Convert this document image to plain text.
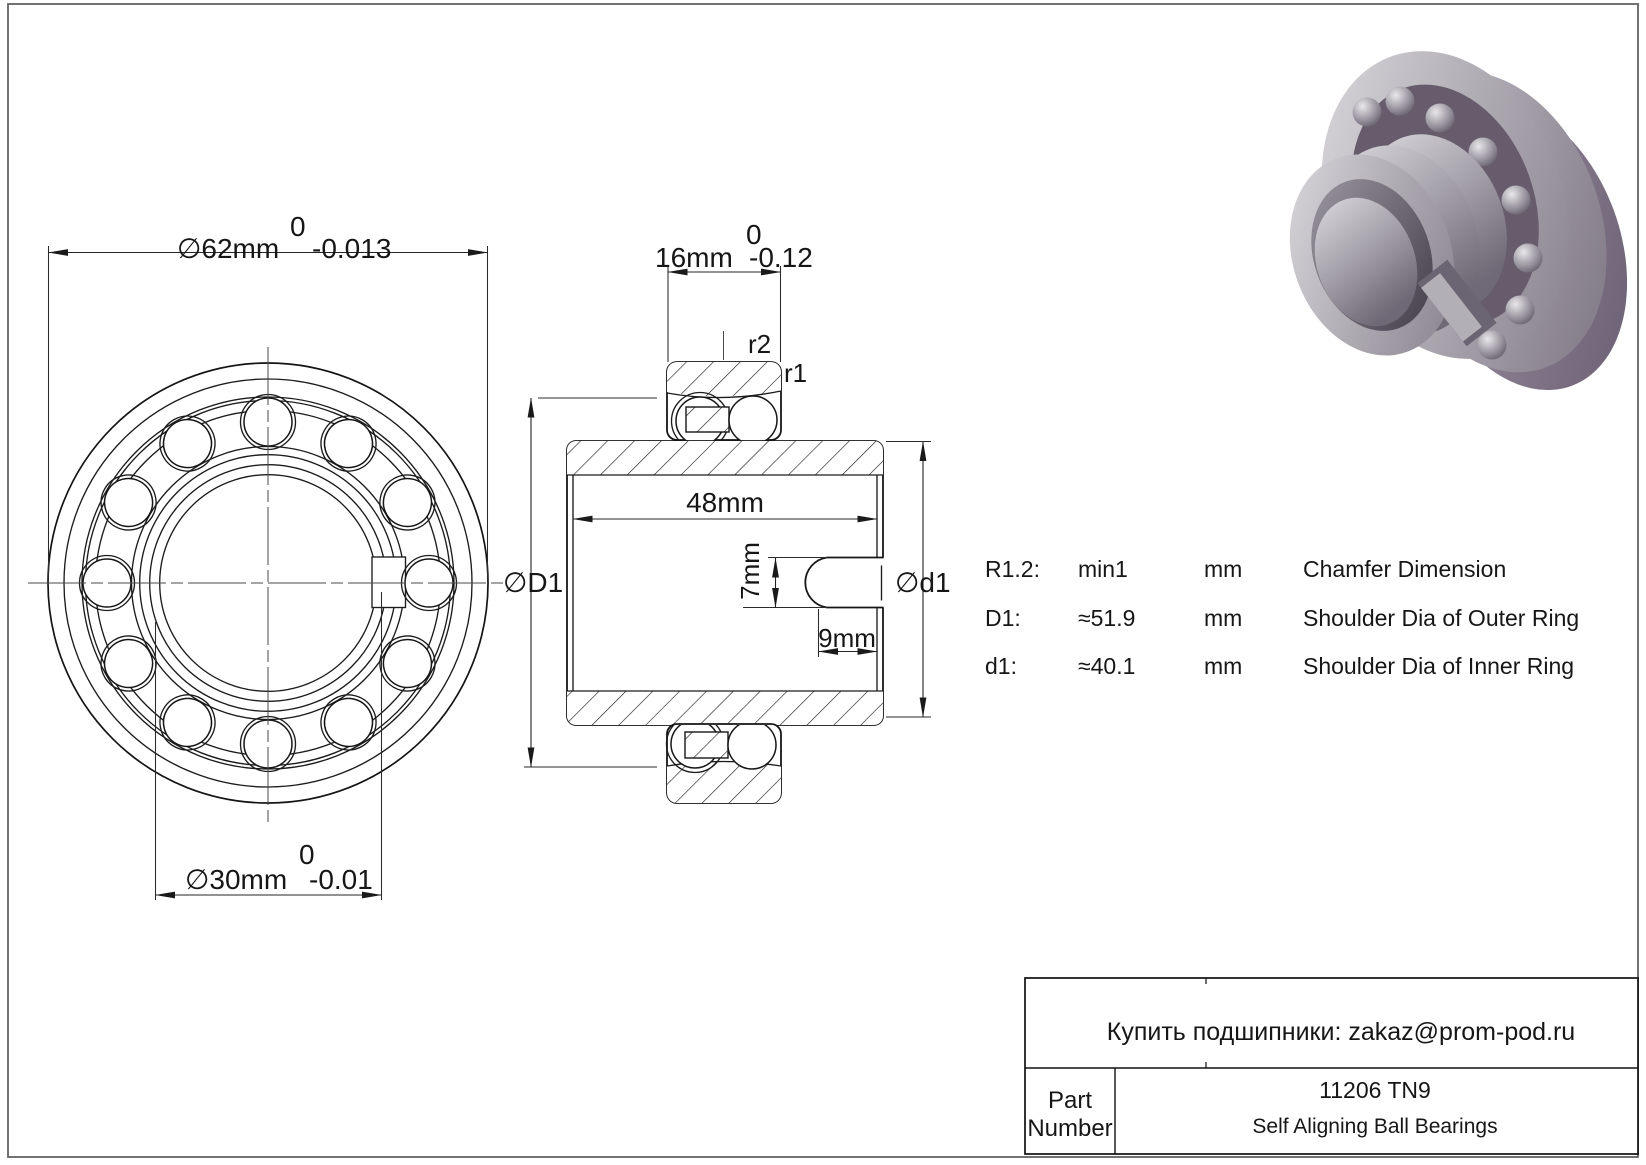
∅62mm
0
-0.013
∅30mm
0
-0.01
16mm
0
-0.12
48mm
7mm
9mm
∅D1	∅d1
r2
r1
R1.2: min1	mm	Chamfer Dimension
D1: ≈51.9	mm	Shoulder Dia of Outer Ring
d1:	≈40.1	mm	Shoulder Dia of Inner Ring
Купить подшипники: zakaz@prom-pod.ru
Part
Number
11206 TN9
Self Aligning Ball Bearings
